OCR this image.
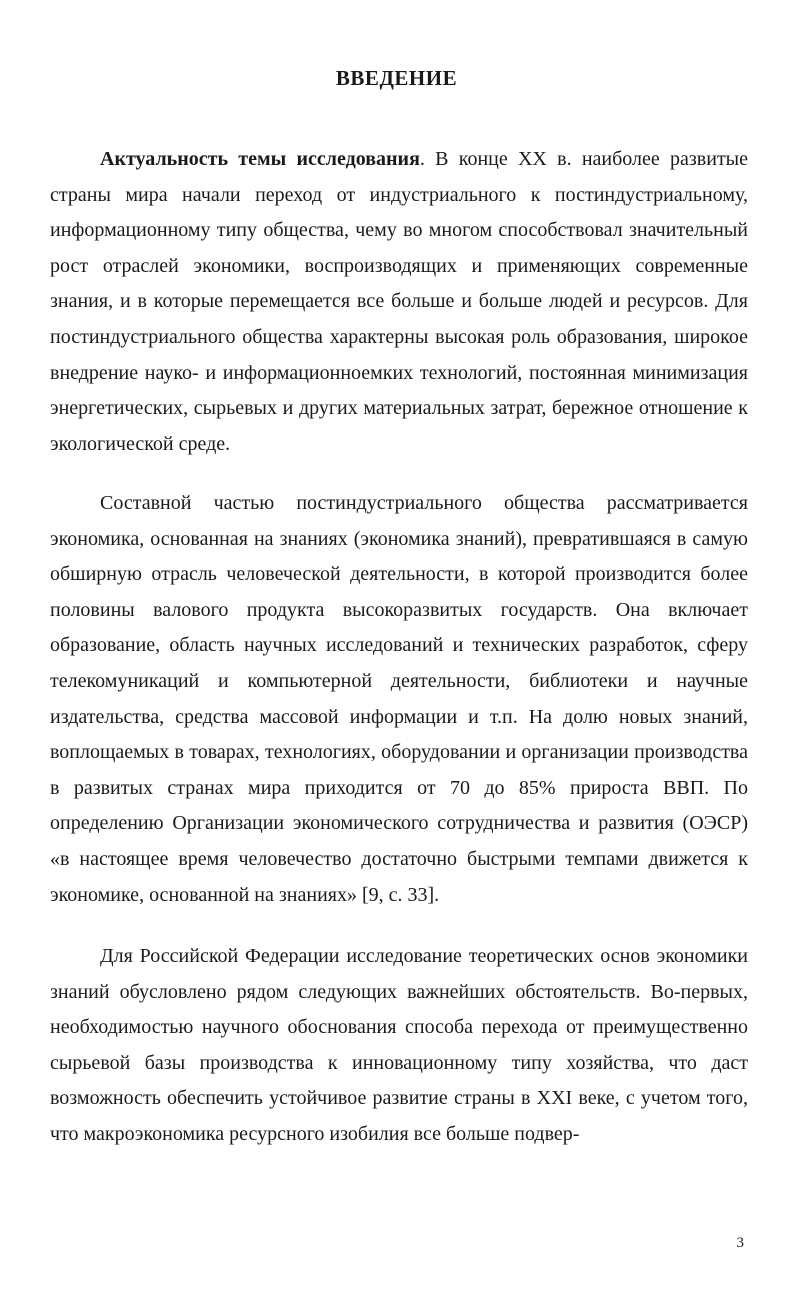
ВВЕДЕНИЕ

Актуальность темы исследования. В конце XX в. наиболее развитые страны мира начали переход от индустриального к постиндустриальному, информационному типу общества, чему во многом способствовал значительный рост отраслей экономики, воспроизводящих и применяющих современные знания, и в которые перемещается все больше и больше людей и ресурсов. Для постиндустриального общества характерны высокая роль образования, широкое внедрение науко- и информационноемких технологий, постоянная минимизация энергетических, сырьевых и других материальных затрат, бережное отношение к экологической среде.

Составной частью постиндустриального общества рассматривается экономика, основанная на знаниях (экономика знаний), превратившаяся в самую обширную отрасль человеческой деятельности, в которой производится более половины валового продукта высокоразвитых государств. Она включает образование, область научных исследований и технических разработок, сферу телекомуникаций и компьютерной деятельности, библиотеки и научные издательства, средства массовой информации и т.п. На долю новых знаний, воплощаемых в товарах, технологиях, оборудовании и организации производства в развитых странах мира приходится от 70 до 85% прироста ВВП. По определению Организации экономического сотрудничества и развития (ОЭСР) «в настоящее время человечество достаточно быстрыми темпами движется к экономике, основанной на знаниях» [9, с. 33].

Для Российской Федерации исследование теоретических основ экономики знаний обусловлено рядом следующих важнейших обстоятельств. Во-первых, необходимостью научного обоснования способа перехода от преимущественно сырьевой базы производства к инновационному типу хозяйства, что даст возможность обеспечить устойчивое развитие страны в XXI веке, с учетом того, что макроэкономика ресурсного изобилия все больше подвер-

3
